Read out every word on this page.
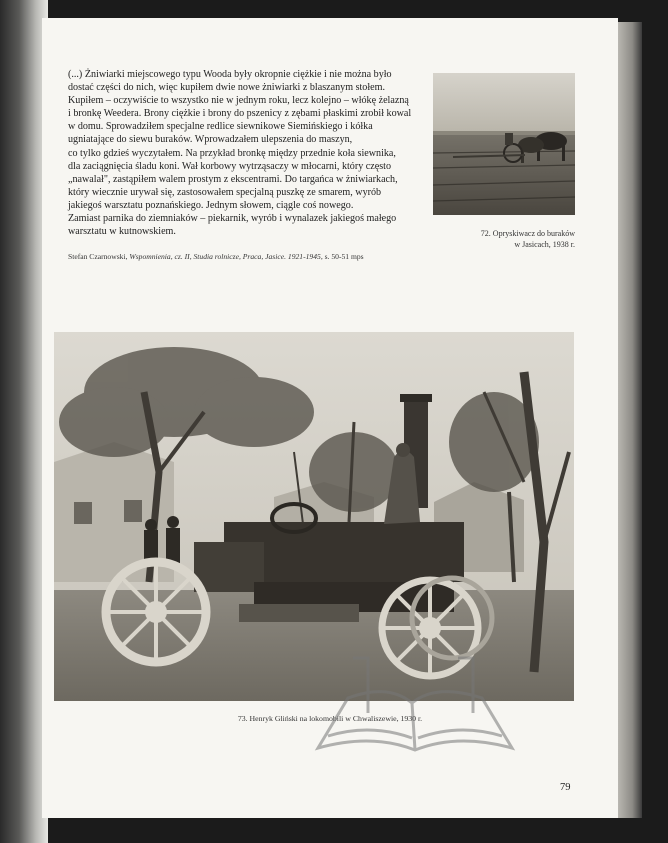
(...) Żniwiarki miejscowego typu Wooda były okropnie ciężkie i nie można było

dostać części do nich, więc kupiłem dwie nowe żniwiarki z blaszanym stołem.

Kupiłem – oczywiście to wszystko nie w jednym roku, lecz kolejno – włókę żelazną

i bronkę Weedera. Brony ciężkie i brony do pszenicy z zębami płaskimi zrobił kowal

w domu. Sprowadziłem specjalne redlice siewnikowe Siemińskiego i kółka

ugniatające do siewu buraków. Wprowadzałem ulepszenia do maszyn,

co tylko gdzieś wyczytałem. Na przykład bronkę między przednie koła siewnika,

dla zaciągnięcia śladu koni. Wał korbowy wytrząsaczy w młocarni, który często

„nawalał", zastąpiłem walem prostym z ekscentrami. Do targańca w żniwiarkach,

który wiecznie urywał się, zastosowałem specjalną puszkę ze smarem, wyrób

jakiegoś warsztatu poznańskiego. Jednym słowem, ciągle coś nowego.

Zamiast parnika do ziemniaków – piekarnik, wyrób i wynalazek jakiegoś małego

warsztatu w kutnowskiem.

Stefan Czarnowski, Wspomnienia, cz. II, Studia rolnicze, Praca, Jasice. 1921-1945, s. 50-51 mps
72. Opryskiwacz do buraków
w Jasicach, 1938 r.
73. Henryk Gliński na lokomobili w Chwaliszewie, 1930 r.
79
